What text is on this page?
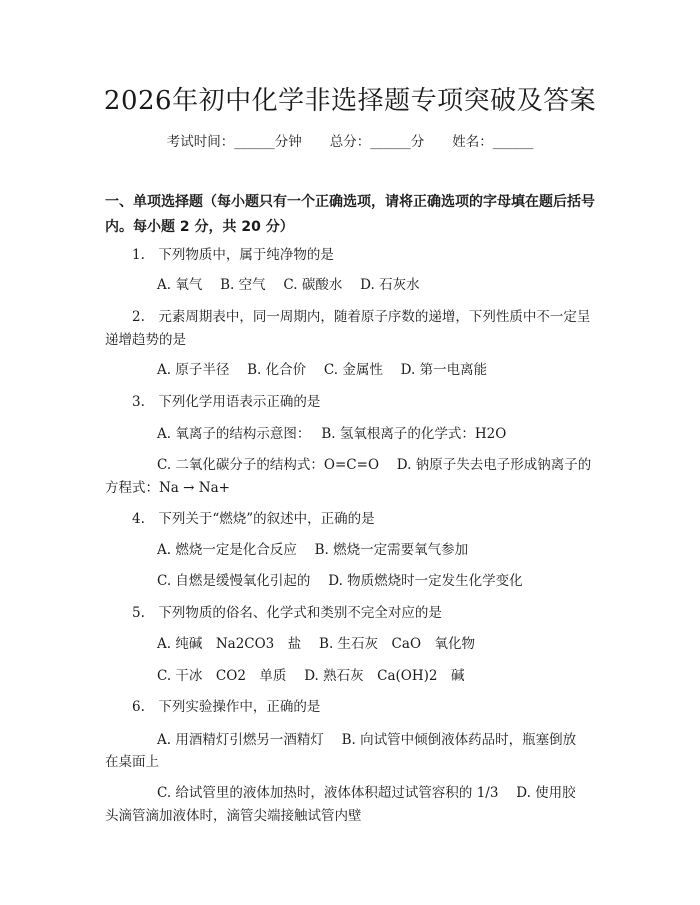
2026年初中化学非选择题专项突破及答案
考试时间：______分钟 总分：______分 姓名：______
一、单项选择题（每小题只有一个正确选项，请将正确选项的字母填在题后括号内。每小题 2 分，共 20 分）
1.　下列物质中，属于纯净物的是
A. 氧气　 B. 空气　 C. 碳酸水　 D. 石灰水
2.　元素周期表中，同一周期内，随着原子序数的递增，下列性质中不一定呈
递增趋势的是
A. 原子半径　 B. 化合价　 C. 金属性　 D. 第一电离能
3.　下列化学用语表示正确的是
A. 氧离子的结构示意图：　 B. 氢氧根离子的化学式：H2O
C. 二氧化碳分子的结构式：O=C=O　 D. 钠原子失去电子形成钠离子的
方程式：Na → Na+
4.　下列关于“燃烧”的叙述中，正确的是
A. 燃烧一定是化合反应　 B. 燃烧一定需要氧气参加
C. 自燃是缓慢氧化引起的　 D. 物质燃烧时一定发生化学变化
5.　下列物质的俗名、化学式和类别不完全对应的是
A. 纯碱　Na2CO3　盐　 B. 生石灰　CaO　氧化物
C. 干冰　CO2　单质　 D. 熟石灰　Ca(OH)2　碱
6.　下列实验操作中，正确的是
A. 用酒精灯引燃另一酒精灯　 B. 向试管中倾倒液体药品时，瓶塞倒放
在桌面上
C. 给试管里的液体加热时，液体体积超过试管容积的 1/3　 D. 使用胶
头滴管滴加液体时，滴管尖端接触试管内壁
